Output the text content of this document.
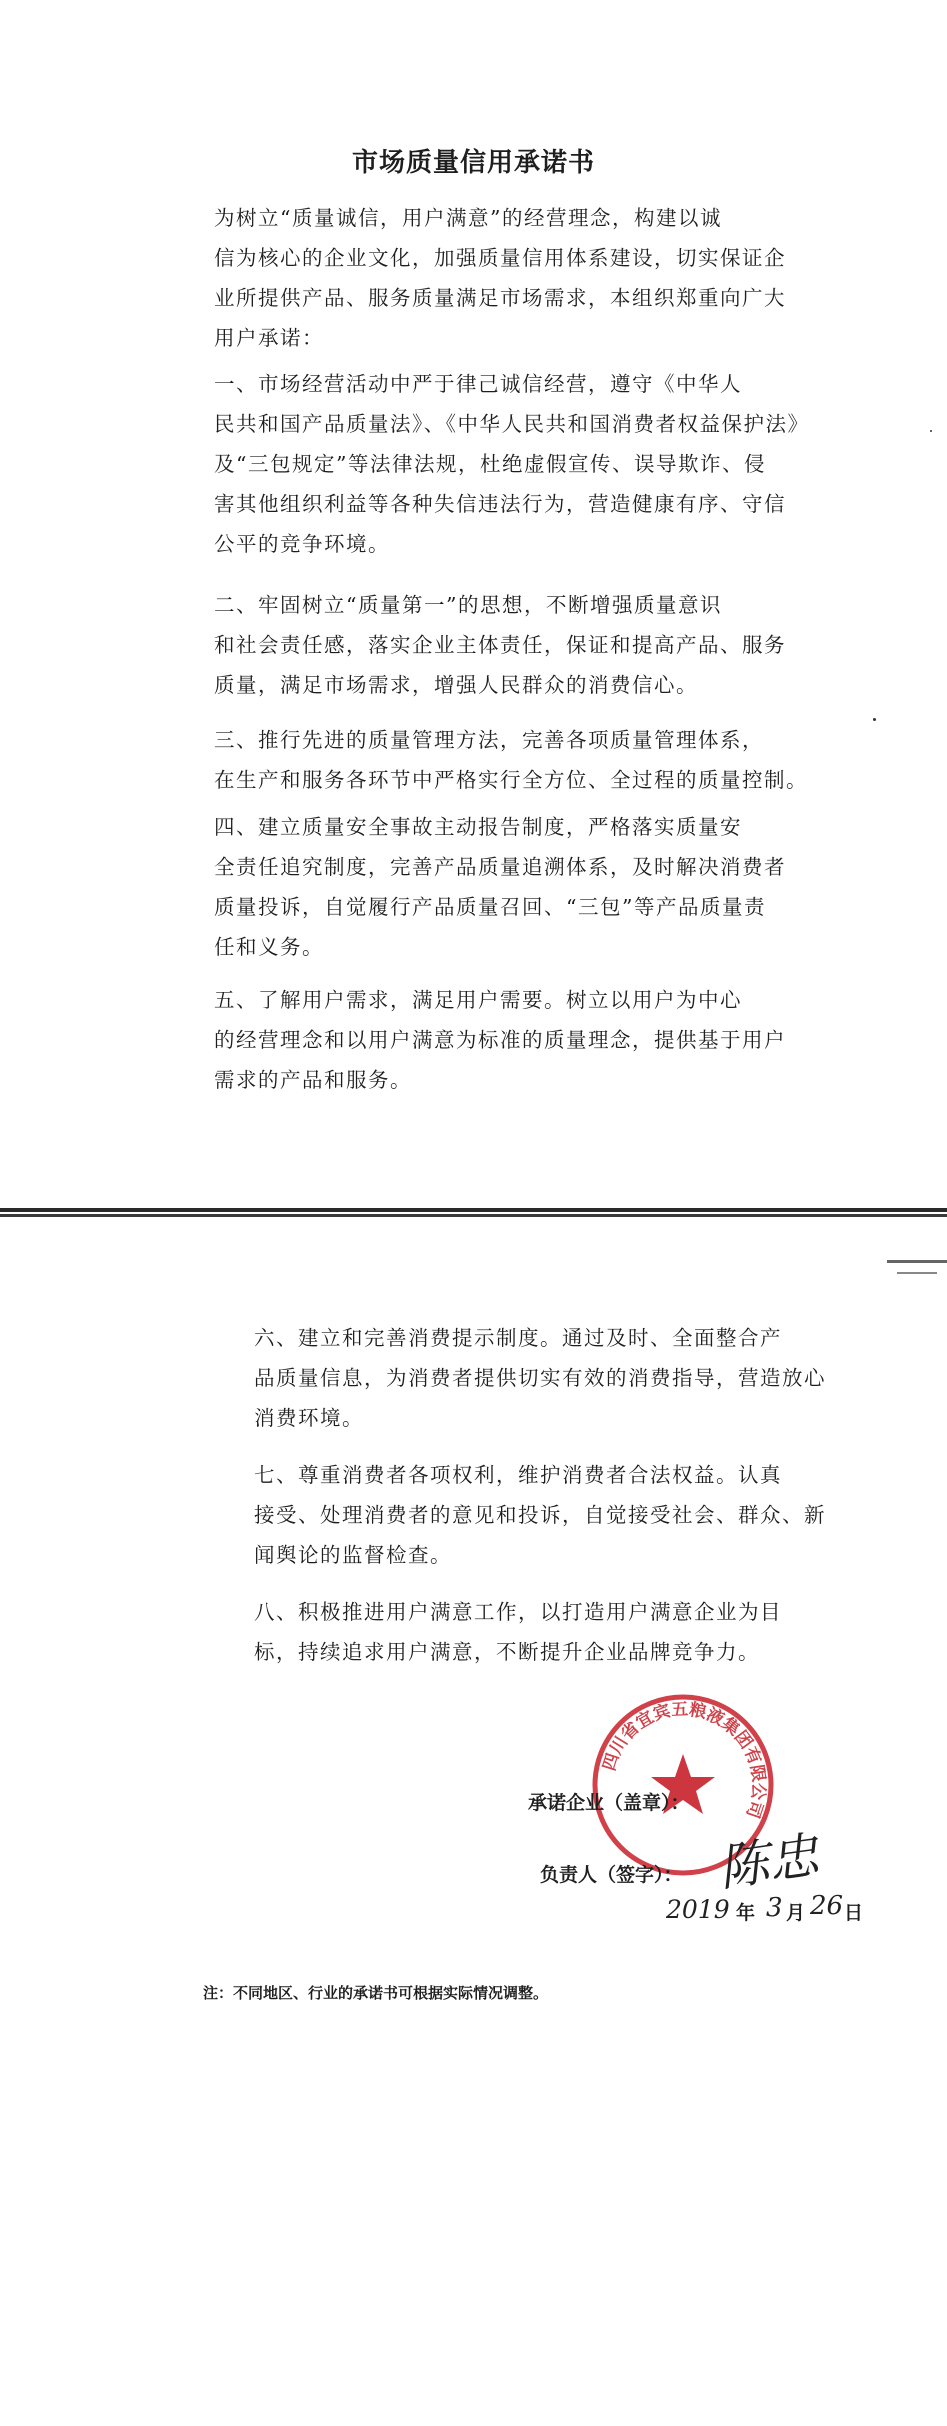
市场质量信用承诺书

为树立“质量诚信，用户满意”的经营理念，构建以诚
信为核心的企业文化，加强质量信用体系建设，切实保证企
业所提供产品、服务质量满足市场需求，本组织郑重向广大
用户承诺：

一、市场经营活动中严于律己诚信经营，遵守《中华人
民共和国产品质量法》、《中华人民共和国消费者权益保护法》
及“三包规定”等法律法规，杜绝虚假宣传、误导欺诈、侵
害其他组织利益等各种失信违法行为，营造健康有序、守信
公平的竞争环境。

二、牢固树立“质量第一”的思想，不断增强质量意识
和社会责任感，落实企业主体责任，保证和提高产品、服务
质量，满足市场需求，增强人民群众的消费信心。

三、推行先进的质量管理方法，完善各项质量管理体系，
在生产和服务各环节中严格实行全方位、全过程的质量控制。

四、建立质量安全事故主动报告制度，严格落实质量安
全责任追究制度，完善产品质量追溯体系，及时解决消费者
质量投诉，自觉履行产品质量召回、“三包”等产品质量责
任和义务。

五、了解用户需求，满足用户需要。树立以用户为中心
的经营理念和以用户满意为标准的质量理念，提供基于用户
需求的产品和服务。

六、建立和完善消费提示制度。通过及时、全面整合产
品质量信息，为消费者提供切实有效的消费指导，营造放心
消费环境。

七、尊重消费者各项权利，维护消费者合法权益。认真
接受、处理消费者的意见和投诉，自觉接受社会、群众、新
闻舆论的监督检查。

八、积极推进用户满意工作，以打造用户满意企业为目
标，持续追求用户满意，不断提升企业品牌竞争力。

四川省宜宾五粮液集团有限公司
承诺企业（盖章）：
负责人（签字）： 陈忠
2019 年 3 月 26 日
注：不同地区、行业的承诺书可根据实际情况调整。
